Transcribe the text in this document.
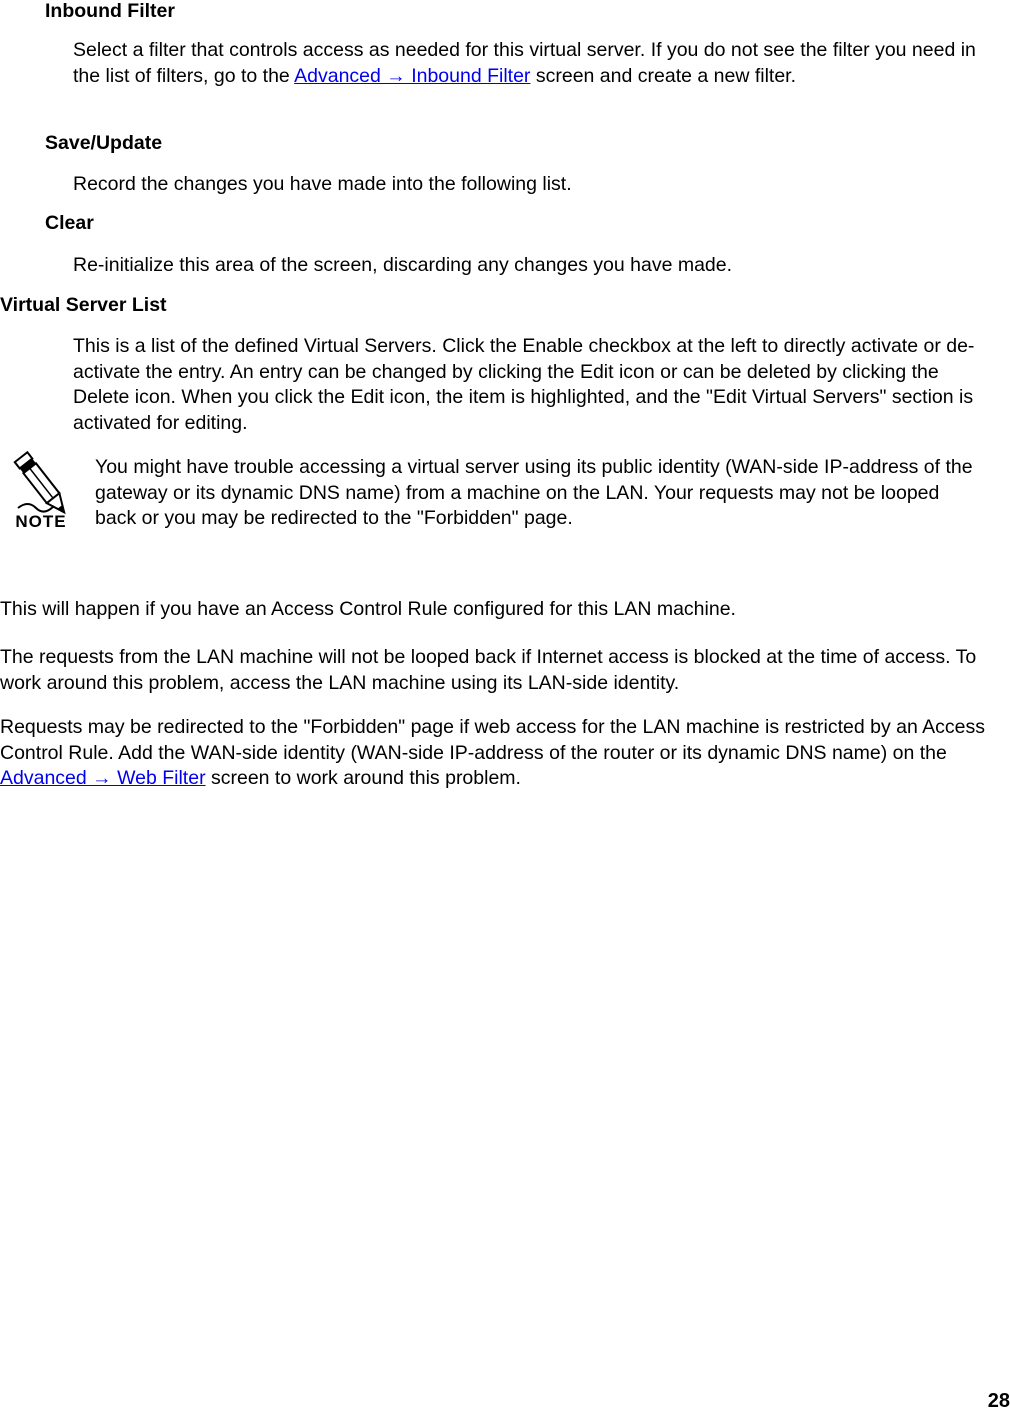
Inbound Filter
Select a filter that controls access as needed for this virtual server. If you do not see the filter you need in the list of filters, go to the Advanced → Inbound Filter screen and create a new filter.
Save/Update
Record the changes you have made into the following list.
Clear
Re-initialize this area of the screen, discarding any changes you have made.
Virtual Server List
This is a list of the defined Virtual Servers. Click the Enable checkbox at the left to directly activate or de-activate the entry. An entry can be changed by clicking the Edit icon or can be deleted by clicking the Delete icon. When you click the Edit icon, the item is highlighted, and the "Edit Virtual Servers" section is activated for editing.
NOTE
You might have trouble accessing a virtual server using its public identity (WAN-side IP-address of the gateway or its dynamic DNS name) from a machine on the LAN. Your requests may not be looped back or you may be redirected to the "Forbidden" page.
This will happen if you have an Access Control Rule configured for this LAN machine.
The requests from the LAN machine will not be looped back if Internet access is blocked at the time of access. To work around this problem, access the LAN machine using its LAN-side identity.
Requests may be redirected to the "Forbidden" page if web access for the LAN machine is restricted by an Access Control Rule. Add the WAN-side identity (WAN-side IP-address of the router or its dynamic DNS name) on the Advanced → Web Filter screen to work around this problem.
28
